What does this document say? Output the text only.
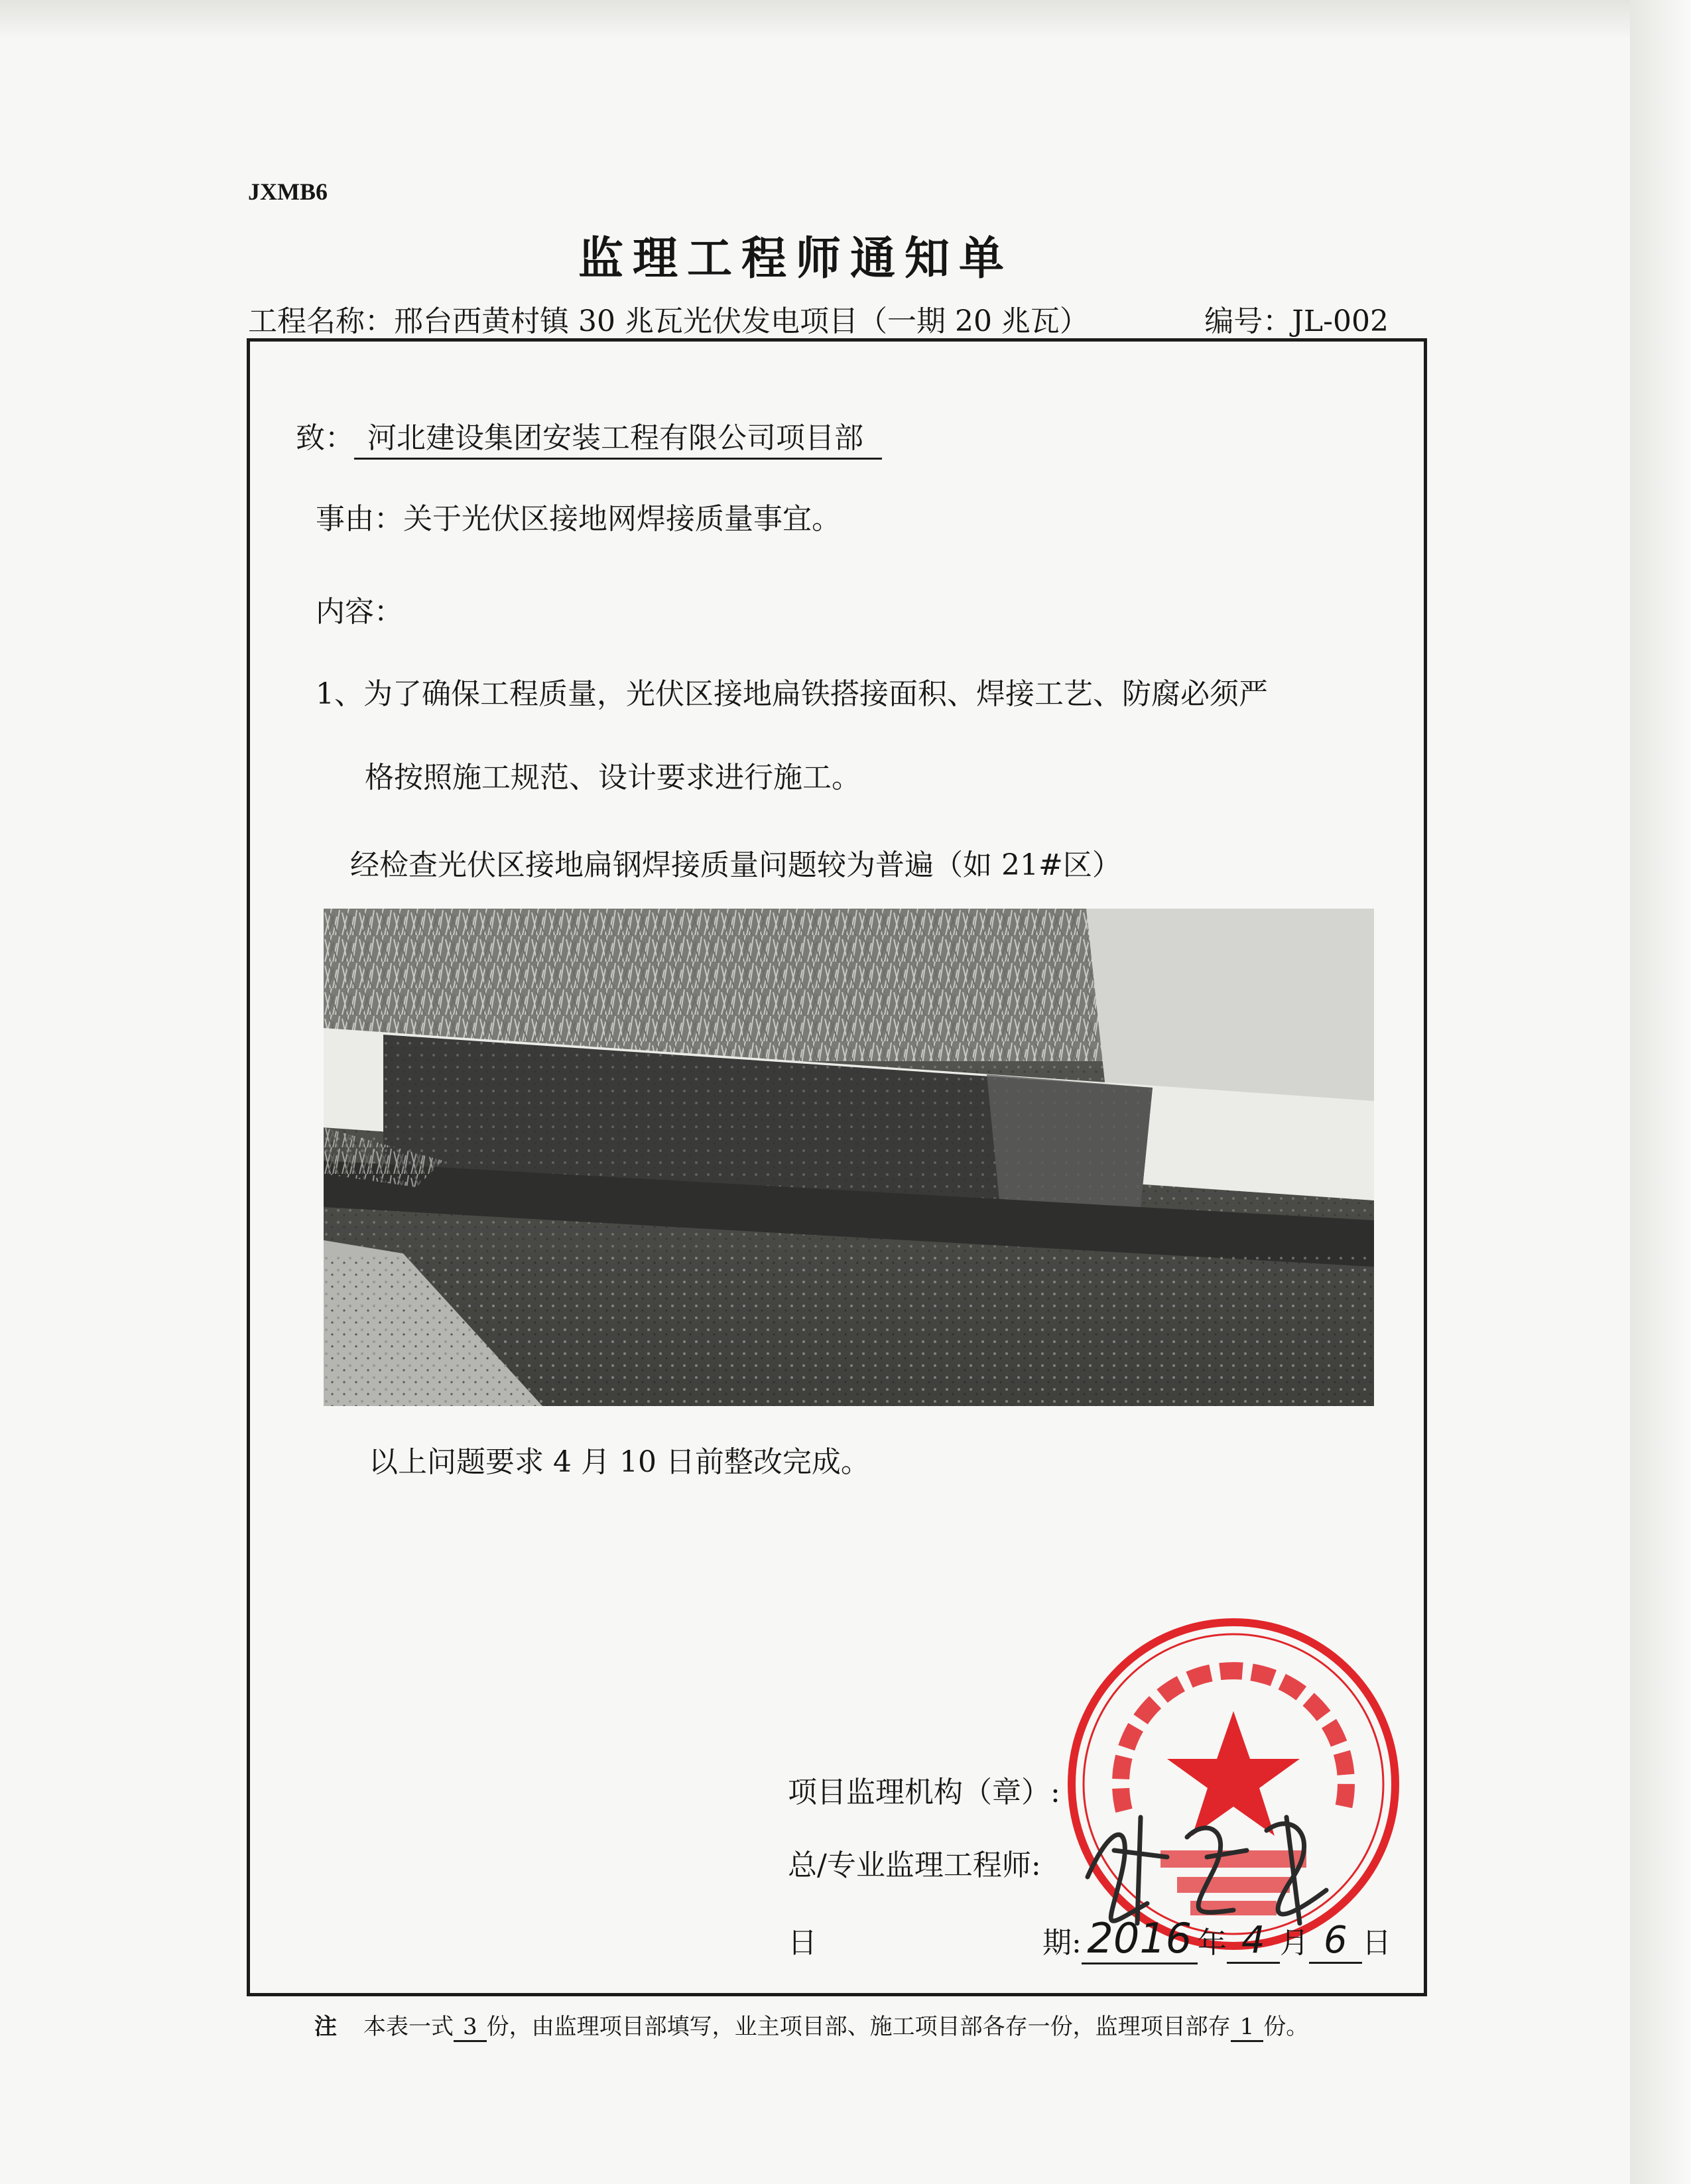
JXMB6
监理工程师通知单
工程名称：邢台西黄村镇 30 兆瓦光伏发电项目（一期 20 兆瓦）	编号：JL-002
致： 河北建设集团安装工程有限公司项目部
事由：关于光伏区接地网焊接质量事宜。
内容：
1、为了确保工程质量，光伏区接地扁铁搭接面积、焊接工艺、防腐必须严
格按照施工规范、设计要求进行施工。
经检查光伏区接地扁钢焊接质量问题较为普遍（如 21#区）
以上问题要求 4 月 10 日前整改完成。
项目监理机构（章）:
总/专业监理工程师:
日	期: 2016 年 4 月 6 日
注 本表一式 3 份，由监理项目部填写，业主项目部、施工项目部各存一份，监理项目部存 1 份。
